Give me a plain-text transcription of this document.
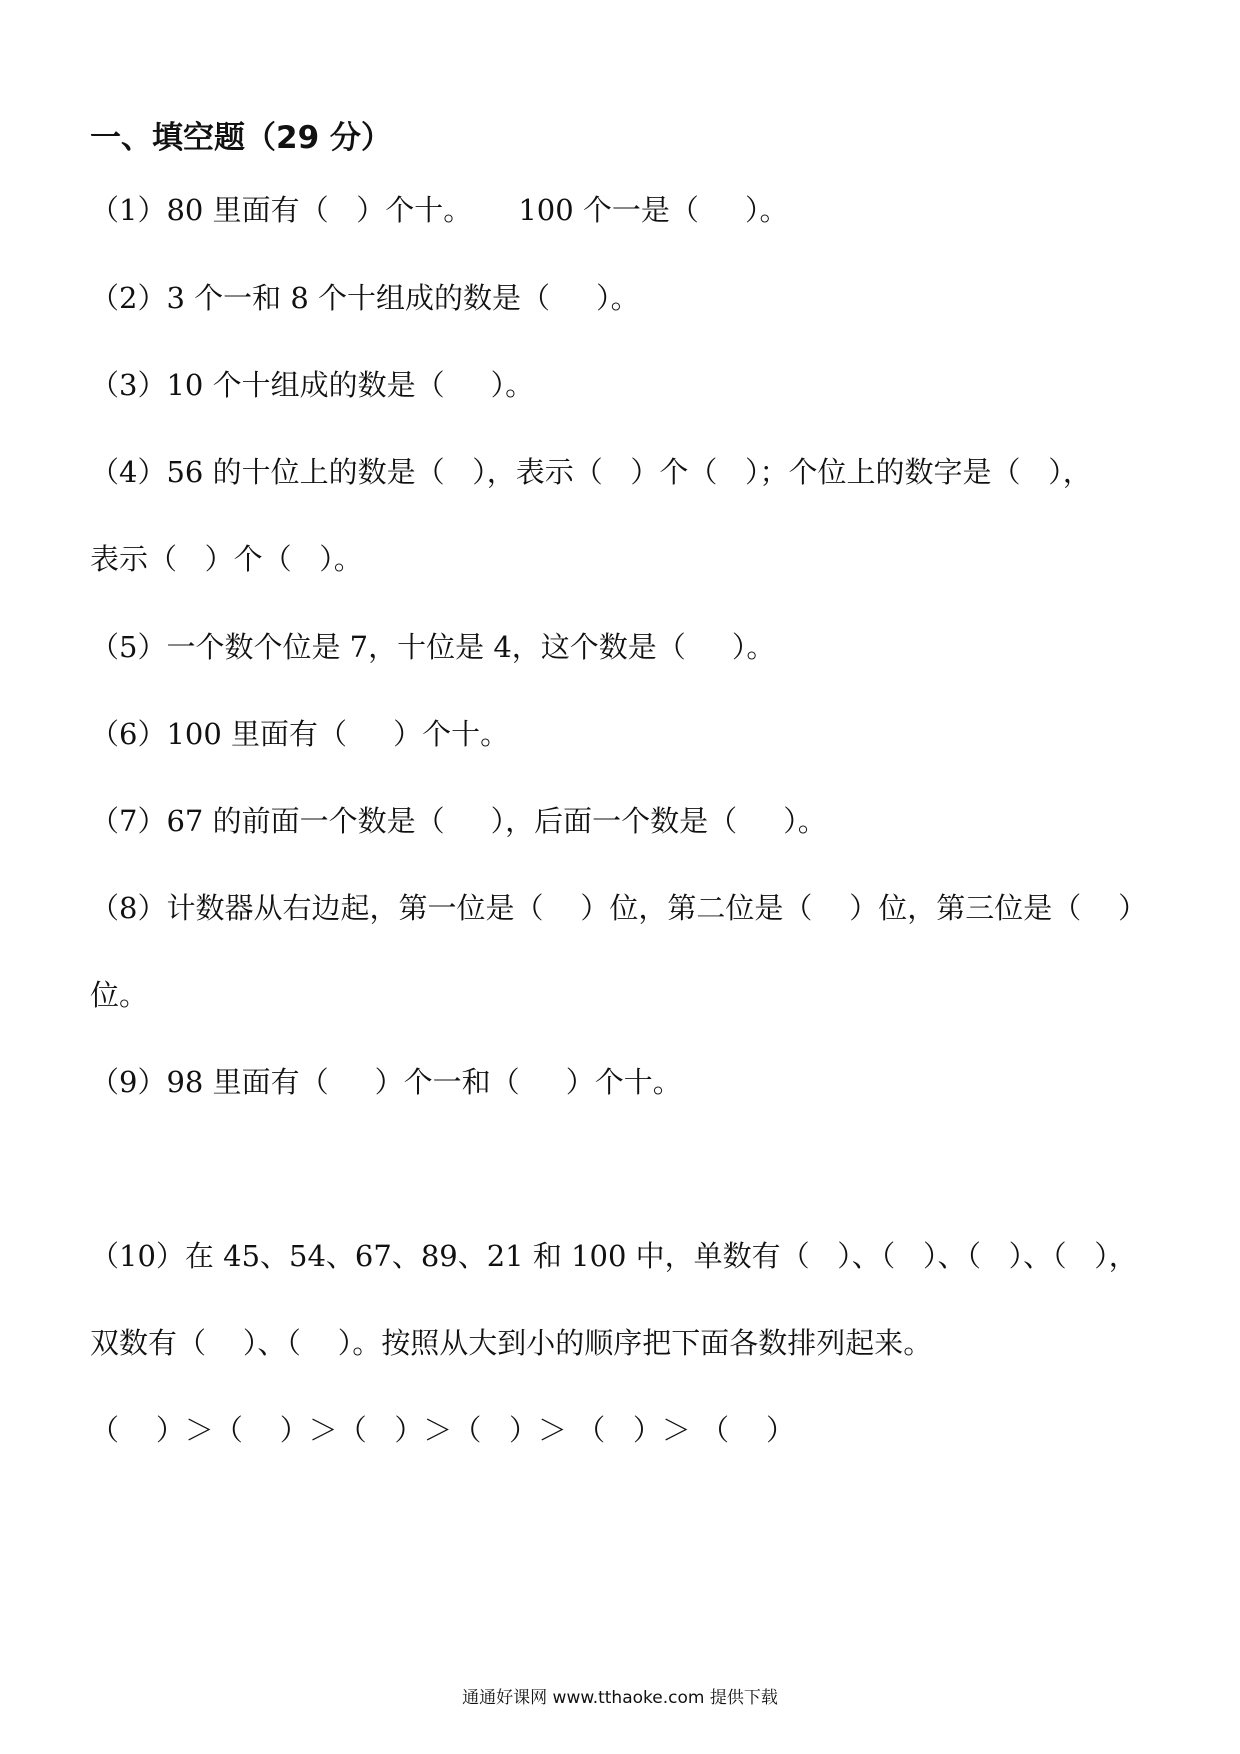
一、填空题（29 分）
（1）80 里面有（   ）个十。     100 个一是（     ）。
（2）3 个一和 8 个十组成的数是（     ）。
（3）10 个十组成的数是（     ）。
（4）56 的十位上的数是（   ），表示（   ）个（   ）；个位上的数字是（   ），
表示（   ）个（   ）。
（5）一个数个位是 7，十位是 4，这个数是（     ）。
（6）100 里面有（     ）个十。
（7）67 的前面一个数是（     ），后面一个数是（     ）。
（8）计数器从右边起，第一位是（    ）位，第二位是（    ）位，第三位是（    ）
位。
（9）98 里面有（     ）个一和（     ）个十。
（10）在 45、54、67、89、21 和 100 中，单数有（   ）、（   ）、（   ）、（   ），
双数有（    ）、（    ）。按照从大到小的顺序把下面各数排列起来。
（    ）＞（    ）＞（   ）＞（   ）＞ （   ）＞ （    ）
通通好课网 www.tthaoke.com 提供下载
